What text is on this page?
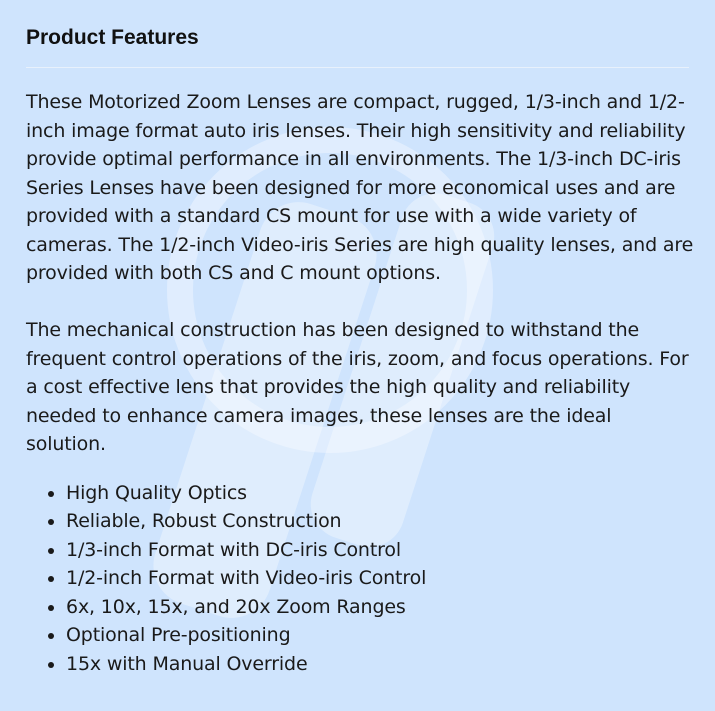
Product Features

These Motorized Zoom Lenses are compact, rugged, 1/3-inch and 1/2-inch image format auto iris lenses. Their high sensitivity and reliability provide optimal performance in all environments. The 1/3-inch DC-iris Series Lenses have been designed for more economical uses and are provided with a standard CS mount for use with a wide variety of cameras. The 1/2-inch Video-iris Series are high quality lenses, and are provided with both CS and C mount options.

The mechanical construction has been designed to withstand the frequent control operations of the iris, zoom, and focus operations. For a cost effective lens that provides the high quality and reliability needed to enhance camera images, these lenses are the ideal solution.

• High Quality Optics
• Reliable, Robust Construction
• 1/3-inch Format with DC-iris Control
• 1/2-inch Format with Video-iris Control
• 6x, 10x, 15x, and 20x Zoom Ranges
• Optional Pre-positioning
• 15x with Manual Override
